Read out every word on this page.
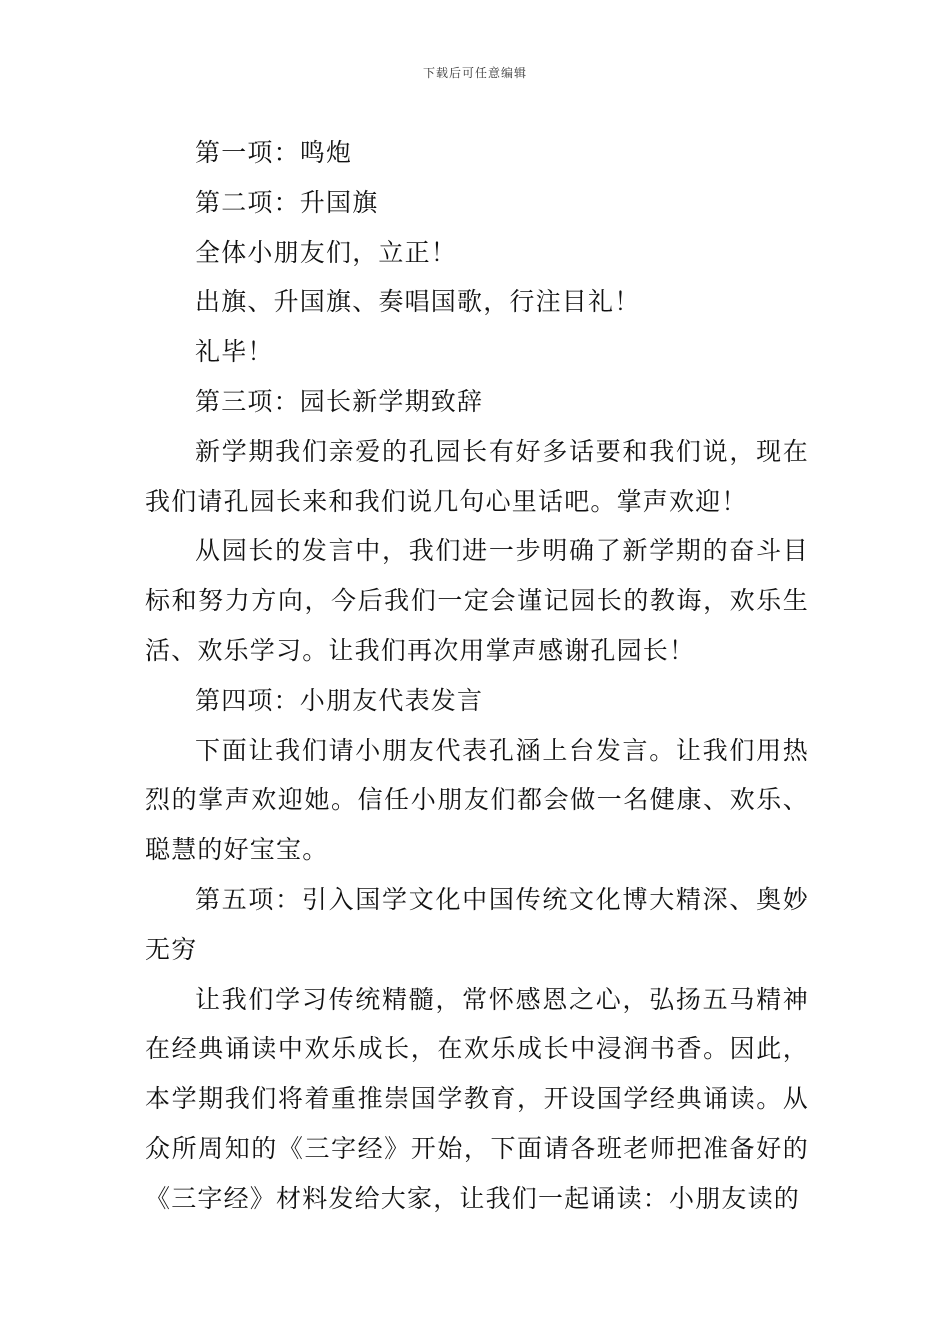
下载后可任意编辑

第一项：鸣炮

第二项：升国旗

全体小朋友们，立正！

出旗、升国旗、奏唱国歌，行注目礼！

礼毕！

第三项：园长新学期致辞

新学期我们亲爱的孔园长有好多话要和我们说，现在我们请孔园长来和我们说几句心里话吧。掌声欢迎！

从园长的发言中，我们进一步明确了新学期的奋斗目标和努力方向，今后我们一定会谨记园长的教诲，欢乐生活、欢乐学习。让我们再次用掌声感谢孔园长！

第四项：小朋友代表发言

下面让我们请小朋友代表孔涵上台发言。让我们用热烈的掌声欢迎她。信任小朋友们都会做一名健康、欢乐、聪慧的好宝宝。

第五项：引入国学文化中国传统文化博大精深、奥妙无穷

让我们学习传统精髓，常怀感恩之心，弘扬五马精神在经典诵读中欢乐成长，在欢乐成长中浸润书香。因此，本学期我们将着重推崇国学教育，开设国学经典诵读。从众所周知的《三字经》开始，下面请各班老师把准备好的《三字经》材料发给大家，让我们一起诵读：小朋友读的
